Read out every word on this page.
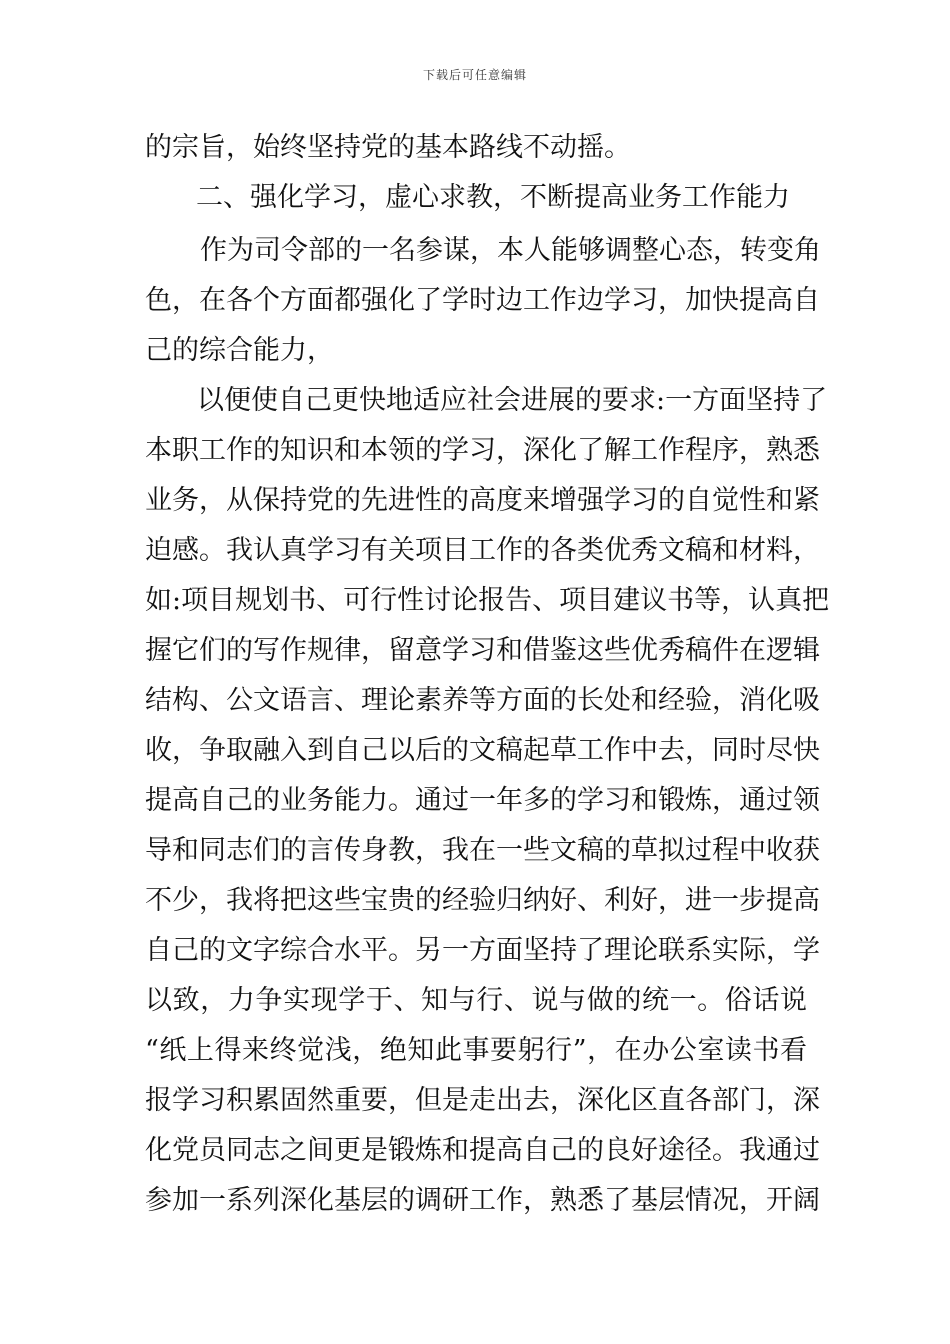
下载后可任意编辑
的宗旨，始终坚持党的基本路线不动摇。
二、强化学习，虚心求教，不断提高业务工作能力
作为司令部的一名参谋，本人能够调整心态，转变角
色，在各个方面都强化了学时边工作边学习，加快提高自
己的综合能力，
以便使自己更快地适应社会进展的要求:一方面坚持了
本职工作的知识和本领的学习，深化了解工作程序，熟悉
业务，从保持党的先进性的高度来增强学习的自觉性和紧
迫感。我认真学习有关项目工作的各类优秀文稿和材料，
如:项目规划书、可行性讨论报告、项目建议书等，认真把
握它们的写作规律，留意学习和借鉴这些优秀稿件在逻辑
结构、公文语言、理论素养等方面的长处和经验，消化吸
收，争取融入到自己以后的文稿起草工作中去，同时尽快
提高自己的业务能力。通过一年多的学习和锻炼，通过领
导和同志们的言传身教，我在一些文稿的草拟过程中收获
不少，我将把这些宝贵的经验归纳好、利好，进一步提高
自己的文字综合水平。另一方面坚持了理论联系实际，学
以致，力争实现学于、知与行、说与做的统一。俗话说
“纸上得来终觉浅，绝知此事要躬行”，在办公室读书看
报学习积累固然重要，但是走出去，深化区直各部门，深
化党员同志之间更是锻炼和提高自己的良好途径。我通过
参加一系列深化基层的调研工作，熟悉了基层情况，开阔
